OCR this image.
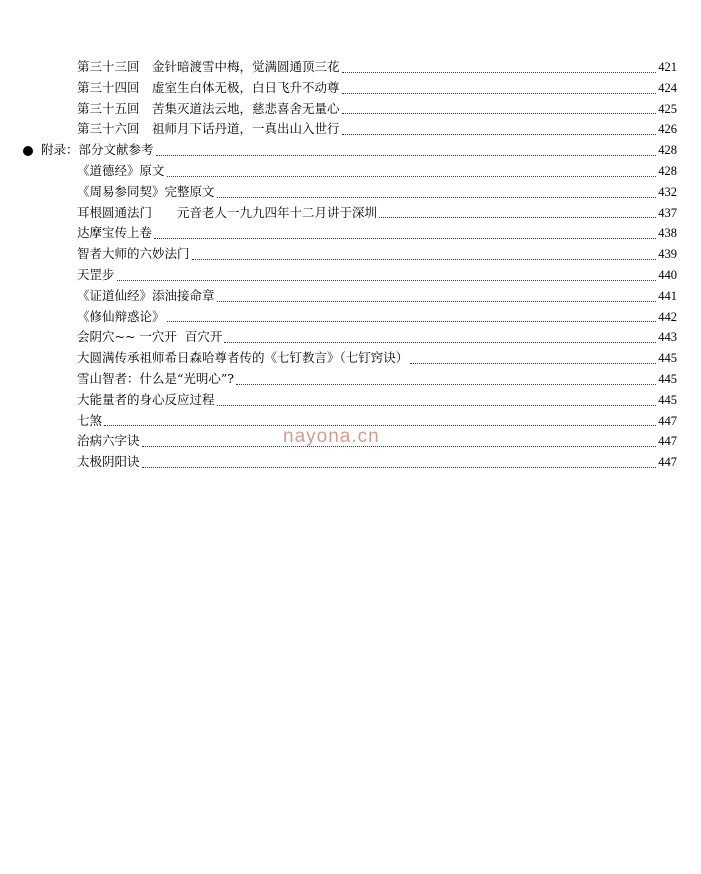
第三十三回　金针暗渡雪中梅，觉满圆通顶三花	421
第三十四回　虚室生白体无极，白日飞升不动尊	424
第三十五回　苦集灭道法云地，慈悲喜舍无量心	425
第三十六回　祖师月下话丹道，一真出山入世行	426
附录：部分文献参考	428
《道德经》原文	428
《周易参同契》完整原文	432
耳根圆通法门　　元音老人一九九四年十二月讲于深圳	437
达摩宝传上卷	438
智者大师的六妙法门	439
天罡步	440
《证道仙经》添油接命章	441
《修仙辩惑论》	442
会阴穴~~ 一穴开  百穴开	443
大圆满传承祖师希日森哈尊者传的《七钉教言》（七钉窍诀）	445
雪山智者：什么是“光明心”?	445
大能量者的身心反应过程	445
七煞	447
治病六字诀	447
太极阴阳诀	447
nayona.cn
